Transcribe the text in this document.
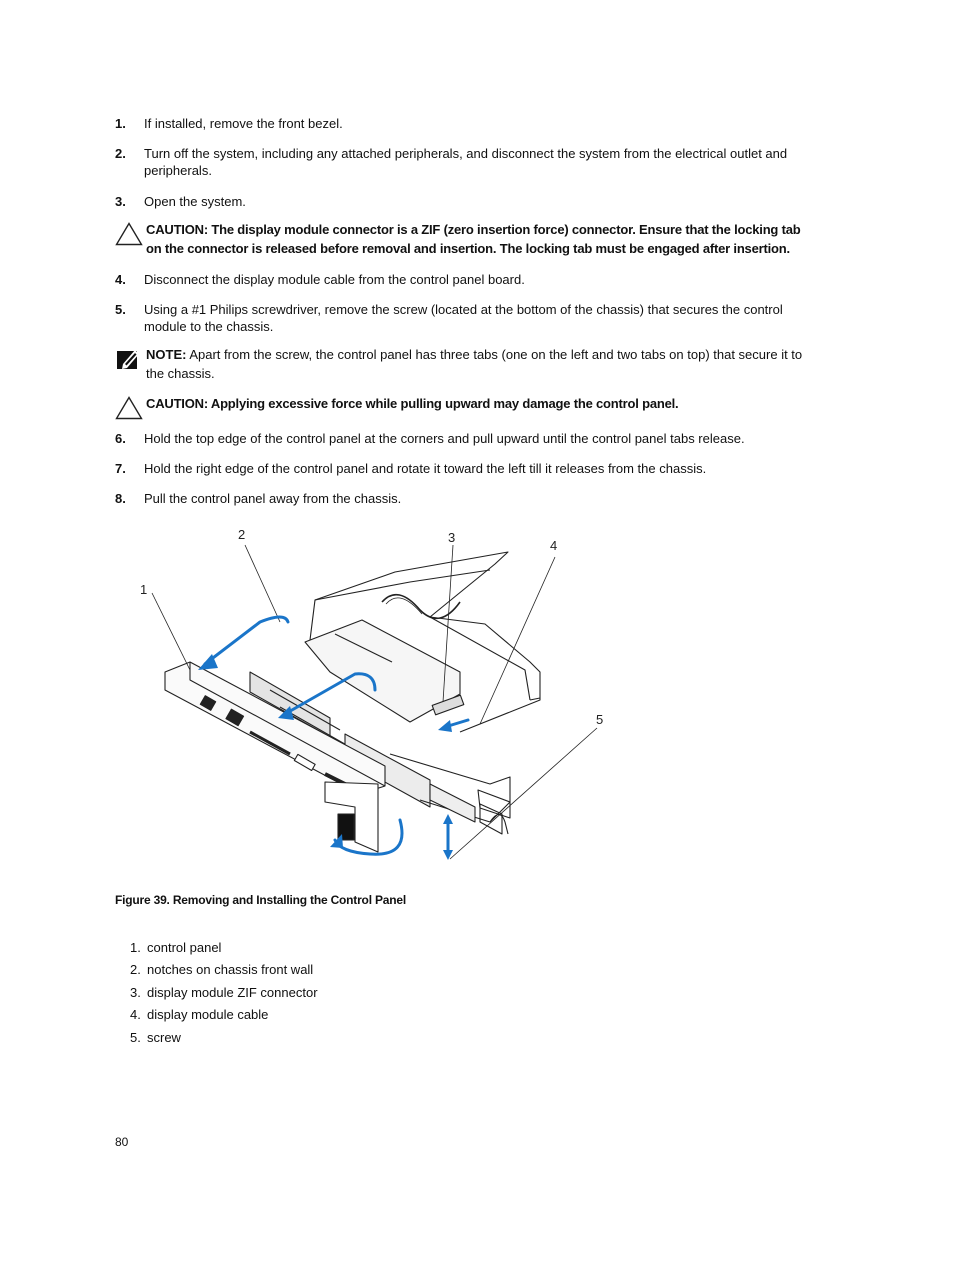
1. If installed, remove the front bezel.
2. Turn off the system, including any attached peripherals, and disconnect the system from the electrical outlet and peripherals.
3. Open the system.
CAUTION: The display module connector is a ZIF (zero insertion force) connector. Ensure that the locking tab on the connector is released before removal and insertion. The locking tab must be engaged after insertion.
4. Disconnect the display module cable from the control panel board.
5. Using a #1 Philips screwdriver, remove the screw (located at the bottom of the chassis) that secures the control module to the chassis.
NOTE: Apart from the screw, the control panel has three tabs (one on the left and two tabs on top) that secure it to the chassis.
CAUTION: Applying excessive force while pulling upward may damage the control panel.
6. Hold the top edge of the control panel at the corners and pull upward until the control panel tabs release.
7. Hold the right edge of the control panel and rotate it toward the left till it releases from the chassis.
8. Pull the control panel away from the chassis.
1
2	3
4
5
Figure 39. Removing and Installing the Control Panel
1. control panel
2. notches on chassis front wall
3. display module ZIF connector
4. display module cable
5. screw
80
